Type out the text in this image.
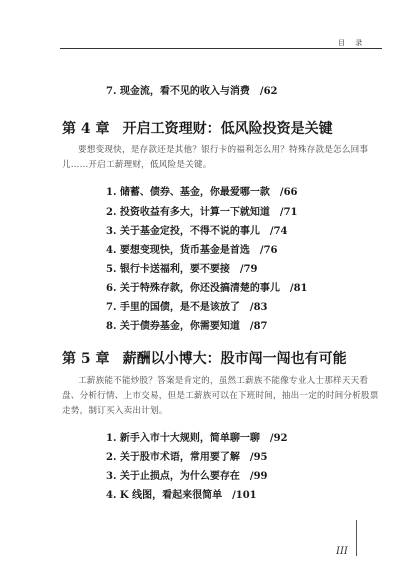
目 录
7. 现金流，看不见的收入与消费　/62
第 4 章 开启工资理财：低风险投资是关键
要想变现快，是存款还是其他？银行卡的福利怎么用？特殊存款是怎么回事儿……开启工薪理财，低风险是关键。
1. 储蓄、债券、基金，你最爱哪一款　/66
2. 投资收益有多大，计算一下就知道　/71
3. 关于基金定投，不得不说的事儿　/74
4. 要想变现快，货币基金是首选　/76
5. 银行卡送福利，要不要接　/79
6. 关于特殊存款，你还没搞清楚的事儿　/81
7. 手里的国债，是不是该放了　/83
8. 关于债券基金，你需要知道　/87
第 5 章 薪酬以小博大：股市闯一闯也有可能
工薪族能不能炒股？答案是肯定的，虽然工薪族不能像专业人士那样天天看盘、分析行情、上市交易，但是工薪族可以在下班时间，抽出一定的时间分析股票走势，制订买入卖出计划。
1. 新手入市十大规则，简单聊一聊　/92
2. 关于股市术语，常用要了解　/95
3. 关于止损点，为什么要存在　/99
4. K 线图，看起来很简单　/101
III
